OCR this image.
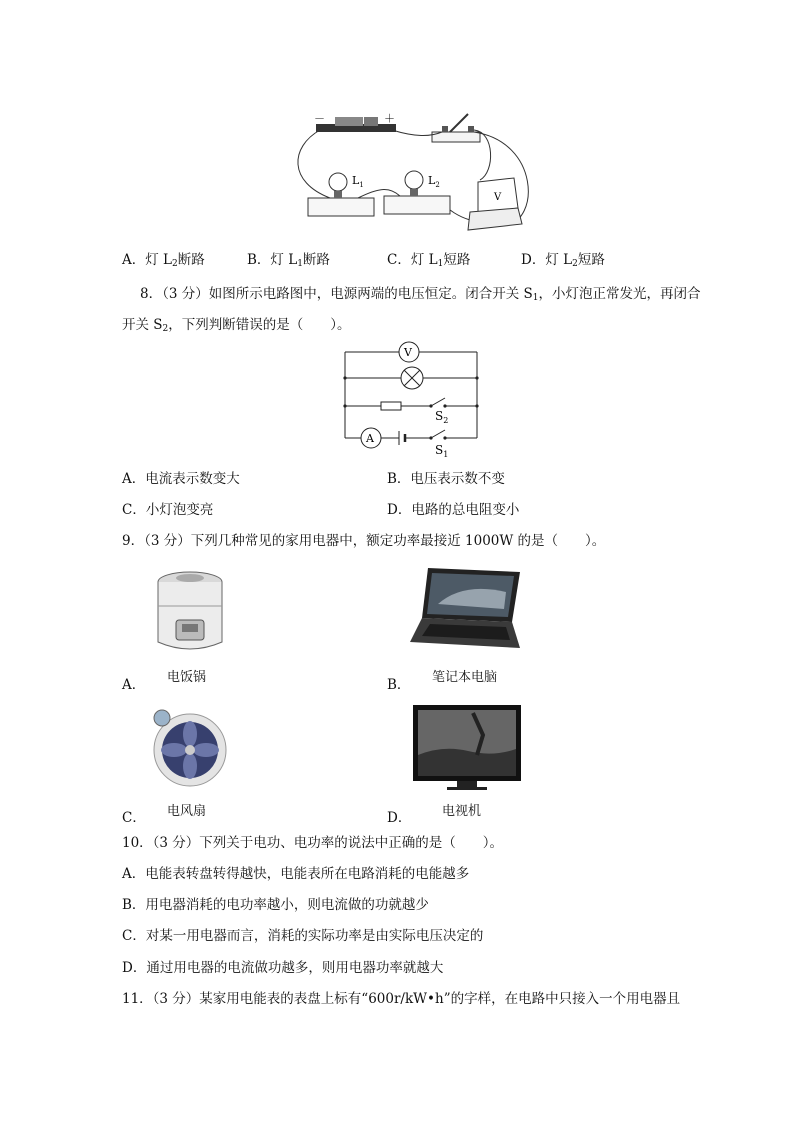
－	＋
$L_1$	$L_2$
V
A．灯 $L_2$断路	B．灯 $L_1$断路	C．灯 $L_1$短路	D．灯 $L_2$短路
8．（3 分）如图所示电路图中，电源两端的电压恒定。闭合开关 $S_1$，小灯泡正常发光，再闭合
开关 $S_2$，下列判断错误的是（　　）。
V
A
$S_2$
$S_1$
A．电流表示数变大	B．电压表示数不变
C．小灯泡变亮	D．电路的总电阻变小
9．（3 分）下列几种常见的家用电器中，额定功率最接近 1000W 的是（　　）。
A． 电饭锅	B． 笔记本电脑
C． 电风扇	D． 电视机
10．（3 分）下列关于电功、电功率的说法中正确的是（　　）。
A．电能表转盘转得越快，电能表所在电路消耗的电能越多
B．用电器消耗的电功率越小，则电流做的功就越少
C．对某一用电器而言，消耗的实际功率是由实际电压决定的
D．通过用电器的电流做功越多，则用电器功率就越大
11．（3 分）某家用电能表的表盘上标有“600r/kW•h”的字样，在电路中只接入一个用电器且
